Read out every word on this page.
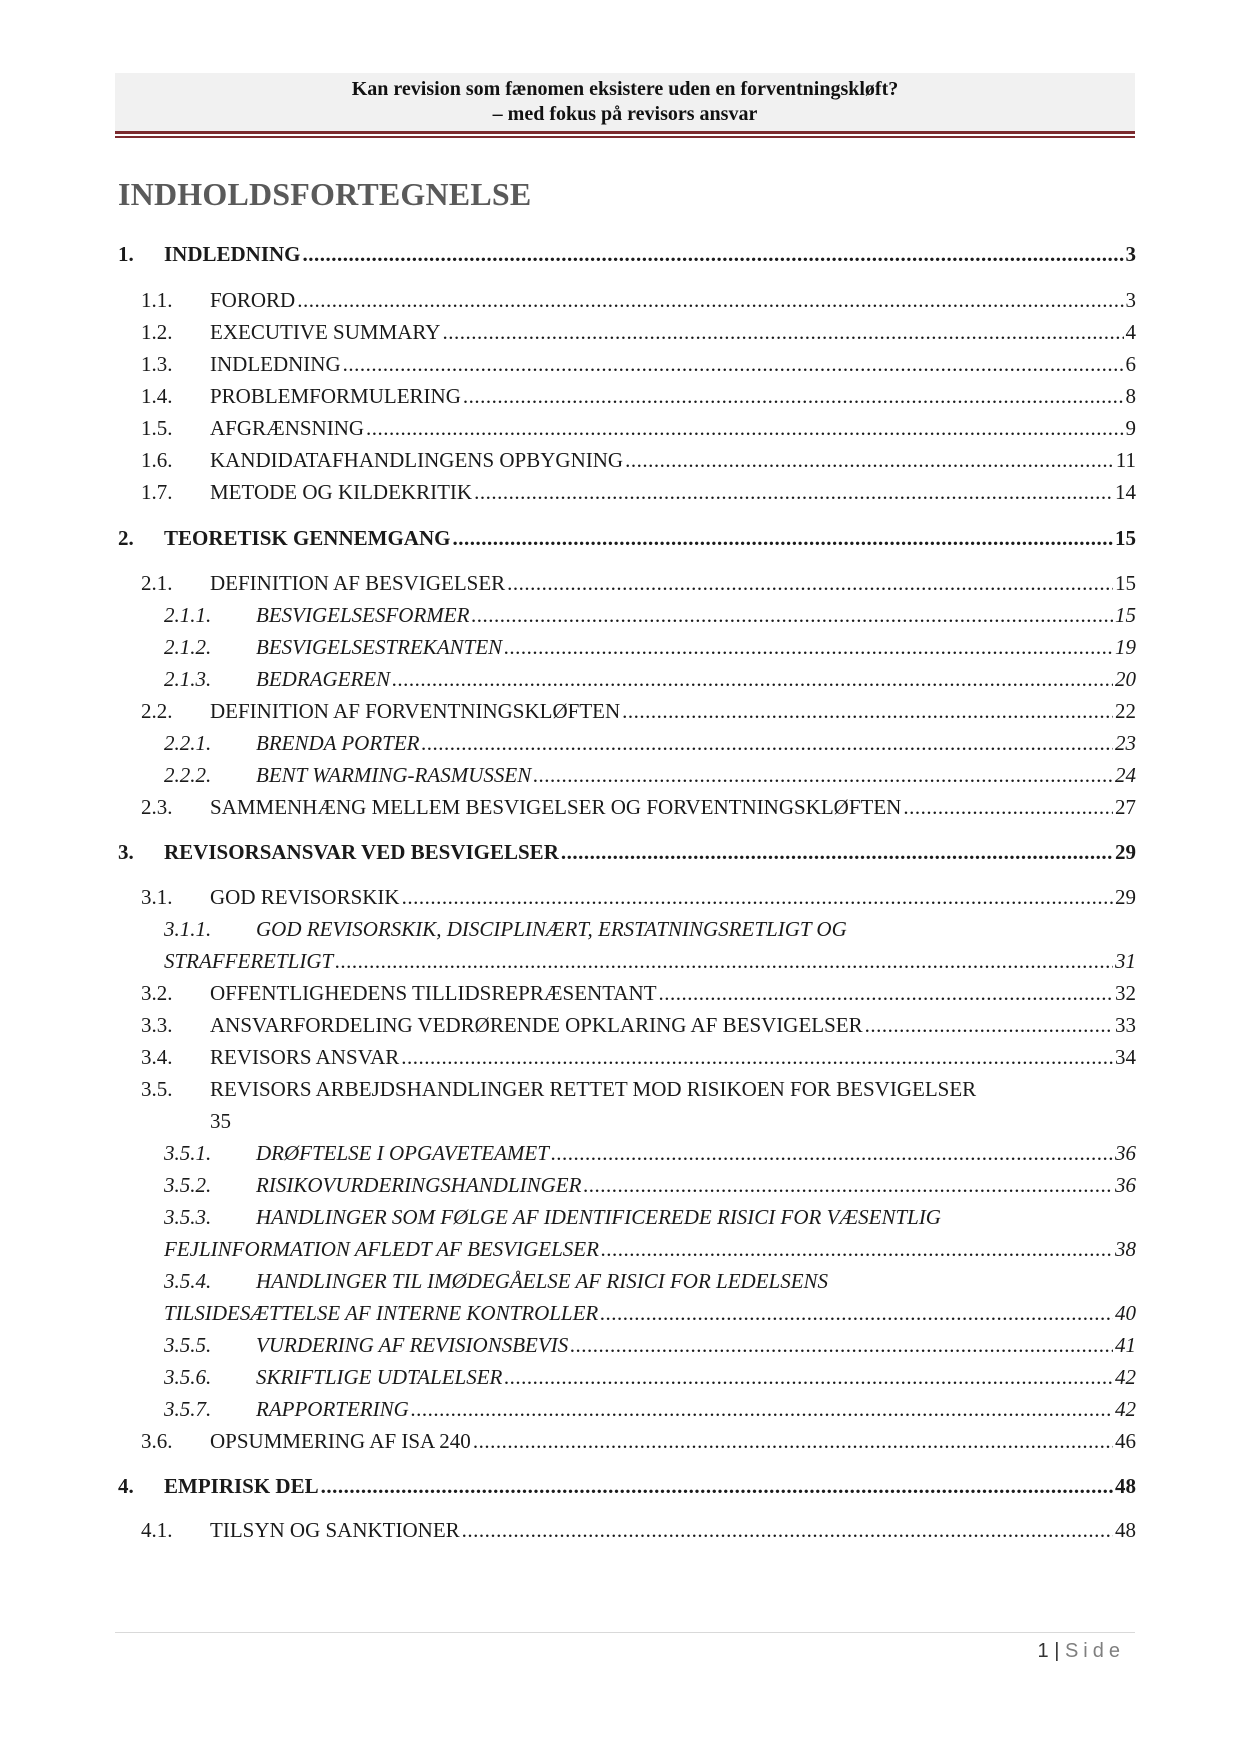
Kan revision som fænomen eksistere uden en forventningskløft?
– med fokus på revisors ansvar
INDHOLDSFORTEGNELSE
1.	INDLEDNING .....	3
1.1.	FORORD .....	3
1.2.	EXECUTIVE SUMMARY .....	4
1.3.	INDLEDNING .....	6
1.4.	PROBLEMFORMULERING .....	8
1.5.	AFGRÆNSNING .....	9
1.6.	KANDIDATAFHANDLINGENS OPBYGNING .....	11
1.7.	METODE OG KILDEKRITIK .....	14
2.	TEORETISK GENNEMGANG .....	15
2.1.	DEFINITION AF BESVIGELSER .....	15
2.1.1.	BESVIGELSESFORMER .....	15
2.1.2.	BESVIGELSESTREKANTEN .....	19
2.1.3.	BEDRAGEREN .....	20
2.2.	DEFINITION AF FORVENTNINGSKLØFTEN .....	22
2.2.1.	BRENDA PORTER .....	23
2.2.2.	BENT WARMING-RASMUSSEN .....	24
2.3.	SAMMENHÆNG MELLEM BESVIGELSER OG FORVENTNINGSKLØFTEN .....	27
3.	REVISORSANSVAR VED BESVIGELSER .....	29
3.1.	GOD REVISORSKIK .....	29
3.1.1. GOD REVISORSKIK, DISCIPLINÆRT, ERSTATNINGSRETLIGT OG
STRAFFERETLIGT .....	31
3.2.	OFFENTLIGHEDENS TILLIDSREPRÆSENTANT .....	32
3.3.	ANSVARFORDELING VEDRØRENDE OPKLARING AF BESVIGELSER .....	33
3.4.	REVISORS ANSVAR .....	34
3.5. REVISORS ARBEJDSHANDLINGER RETTET MOD RISIKOEN FOR BESVIGELSER
35
3.5.1.	DRØFTELSE I OPGAVETEAMET .....	36
3.5.2.	RISIKOVURDERINGSHANDLINGER .....	36
3.5.3. HANDLINGER SOM FØLGE AF IDENTIFICEREDE RISICI FOR VÆSENTLIG
FEJLINFORMATION AFLEDT AF BESVIGELSER .....	38
3.5.4. HANDLINGER TIL IMØDEGÅELSE AF RISICI FOR LEDELSENS
TILSIDESÆTTELSE AF INTERNE KONTROLLER .....	40
3.5.5.	VURDERING AF REVISIONSBEVIS .....	41
3.5.6.	SKRIFTLIGE UDTALELSER .....	42
3.5.7.	RAPPORTERING .....	42
3.6.	OPSUMMERING AF ISA 240 .....	46
4.	EMPIRISK DEL .....	48
4.1.	TILSYN OG SANKTIONER .....	48
1 | Side
